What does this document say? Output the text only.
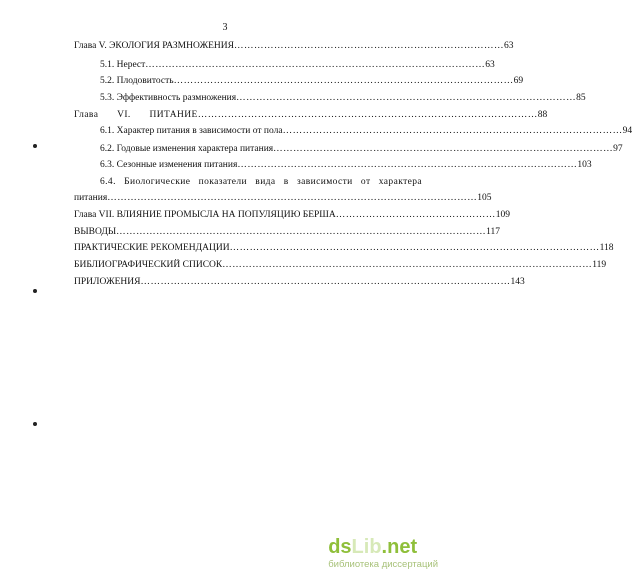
3
Глава V. ЭКОЛОГИЯ РАЗМНОЖЕНИЯ ……………………………………………………………………… 63
5.1. Нерест ………………………………………………………………………………………… 63
5.2. Плодовитость ………………………………………………………………………………………… 69
5.3. Эффективность размножения ………………………………………………………………………………………… 85
Глава VI. ПИТАНИЕ ………………………………………………………………………………………… 88
6.1. Характер питания в зависимости от пола ………………………………………………………………………………………… 94
6.2. Годовые изменения характера питания ………………………………………………………………………………………… 97
6.3. Сезонные изменения питания ………………………………………………………………………………………… 103
6.4. Биологические показатели вида в зависимости от характера
питания ………………………………………………………………………………………………… 105
Глава VII. ВЛИЯНИЕ ПРОМЫСЛА НА ПОПУЛЯЦИЮ БЕРША ………………………………………… 109
ВЫВОДЫ ………………………………………………………………………………………………… 117
ПРАКТИЧЕСКИЕ РЕКОМЕНДАЦИИ ………………………………………………………………………………………………… 118
БИБЛИОГРАФИЧЕСКИЙ СПИСОК ………………………………………………………………………………………………… 119
ПРИЛОЖЕНИЯ ………………………………………………………………………………………………… 143
dsLib.net
библиотека диссертаций
